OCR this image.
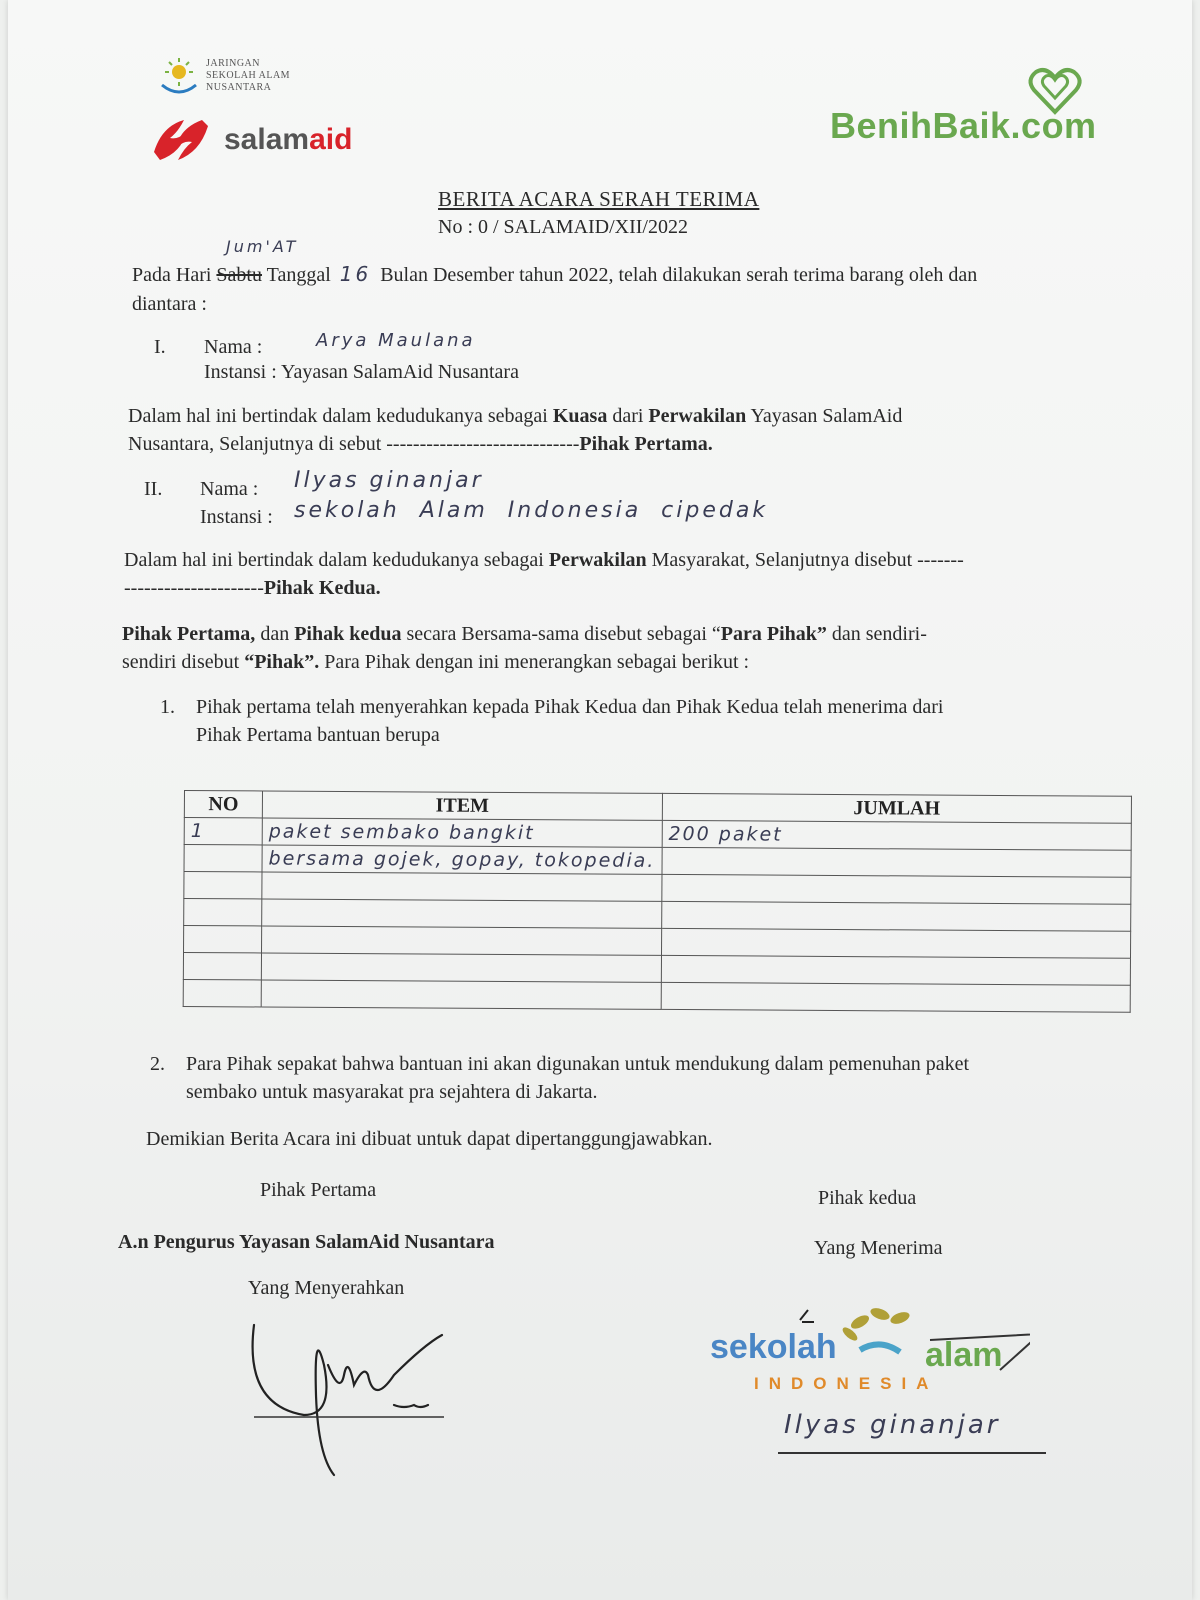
JARINGAN
SEKOLAH ALAM
NUSANTARA
salamaid	BenihBaik.com
BERITA ACARA SERAH TERIMA
No : 0 / SALAMAID/XII/2022
Jum'AT
Pada Hari Sabtu Tanggal 16 Bulan Desember tahun 2022, telah dilakukan serah terima barang oleh dan
diantara :
I. Nama :	Arya Maulana
Instansi : Yayasan SalamAid Nusantara
Dalam hal ini bertindak dalam kedudukanya sebagai Kuasa dari Perwakilan Yayasan SalamAid
Nusantara, Selanjutnya di sebut -----------------------------Pihak Pertama.
II. Nama : Ilyas ginanjar
Instansi : sekolah  Alam  Indonesia  cipedak
Dalam hal ini bertindak dalam kedudukanya sebagai Perwakilan Masyarakat, Selanjutnya disebut -------
---------------------Pihak Kedua.
Pihak Pertama, dan Pihak kedua secara Bersama-sama disebut sebagai “Para Pihak” dan sendiri-
sendiri disebut “Pihak”. Para Pihak dengan ini menerangkan sebagai berikut :
1. Pihak pertama telah menyerahkan kepada Pihak Kedua dan Pihak Kedua telah menerima dari
Pihak Pertama bantuan berupa
NO	ITEM	JUMLAH
1	paket sembako bangkit	200 paket
	bersama gojek, gopay, tokopedia.	

2. Para Pihak sepakat bahwa bantuan ini akan digunakan untuk mendukung dalam pemenuhan paket
sembako untuk masyarakat pra sejahtera di Jakarta.
Demikian Berita Acara ini dibuat untuk dapat dipertanggungjawabkan.
Pihak Pertama
A.n Pengurus Yayasan SalamAid Nusantara
Yang Menyerahkan
Pihak kedua
Yang Menerima
sekolah	alam
INDONESIA
Ilyas ginanjar
